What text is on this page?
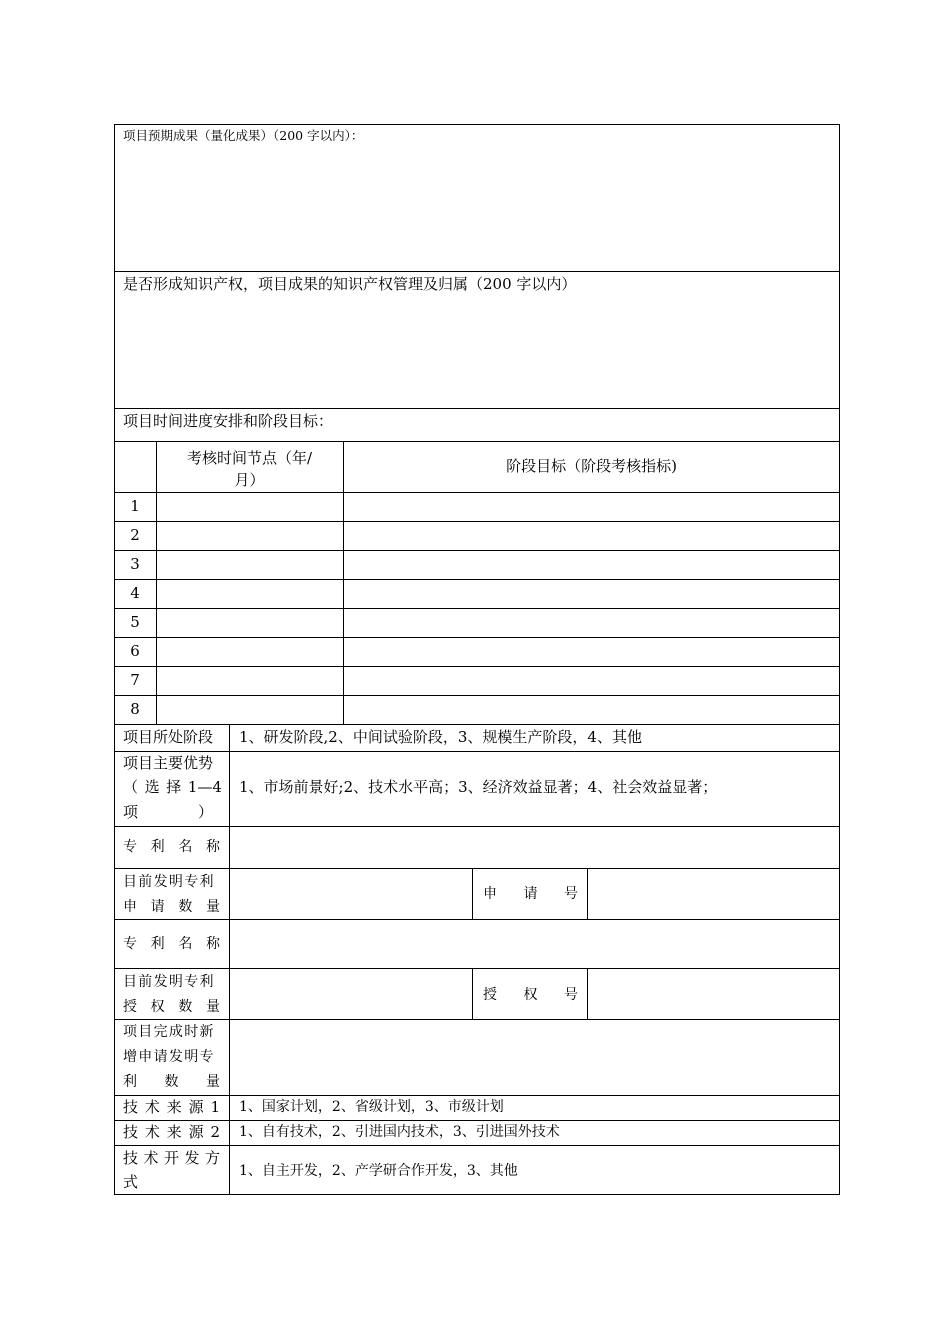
项目预期成果（量化成果）（200 字以内）：
是否形成知识产权，项目成果的知识产权管理及归属（200 字以内）
项目时间进度安排和阶段目标：
考核时间节点（年/
月）
阶段目标（阶段考核指标)
1
2
3
4
5
6
7
8
项目所处阶段 1、研发阶段,2、中间试验阶段，3、规模生产阶段，4、其他
项目主要优势
（ 选 择 1—4
项	）
1、市场前景好;2、技术水平高；3、经济效益显著；4、社会效益显著；
专 利 名 称
目前发明专利
申 请 数 量
申 请 号
专 利 名 称
目前发明专利
授 权 数 量
授 权 号
项目完成时新
增申请发明专
利 数 量
技 术 来 源 1 1、国家计划，2、省级计划，3、市级计划
技 术 来 源 2 1、自有技术，2、引进国内技术，3、引进国外技术
技 术 开 发 方
式
1、自主开发，2、产学研合作开发，3、其他
